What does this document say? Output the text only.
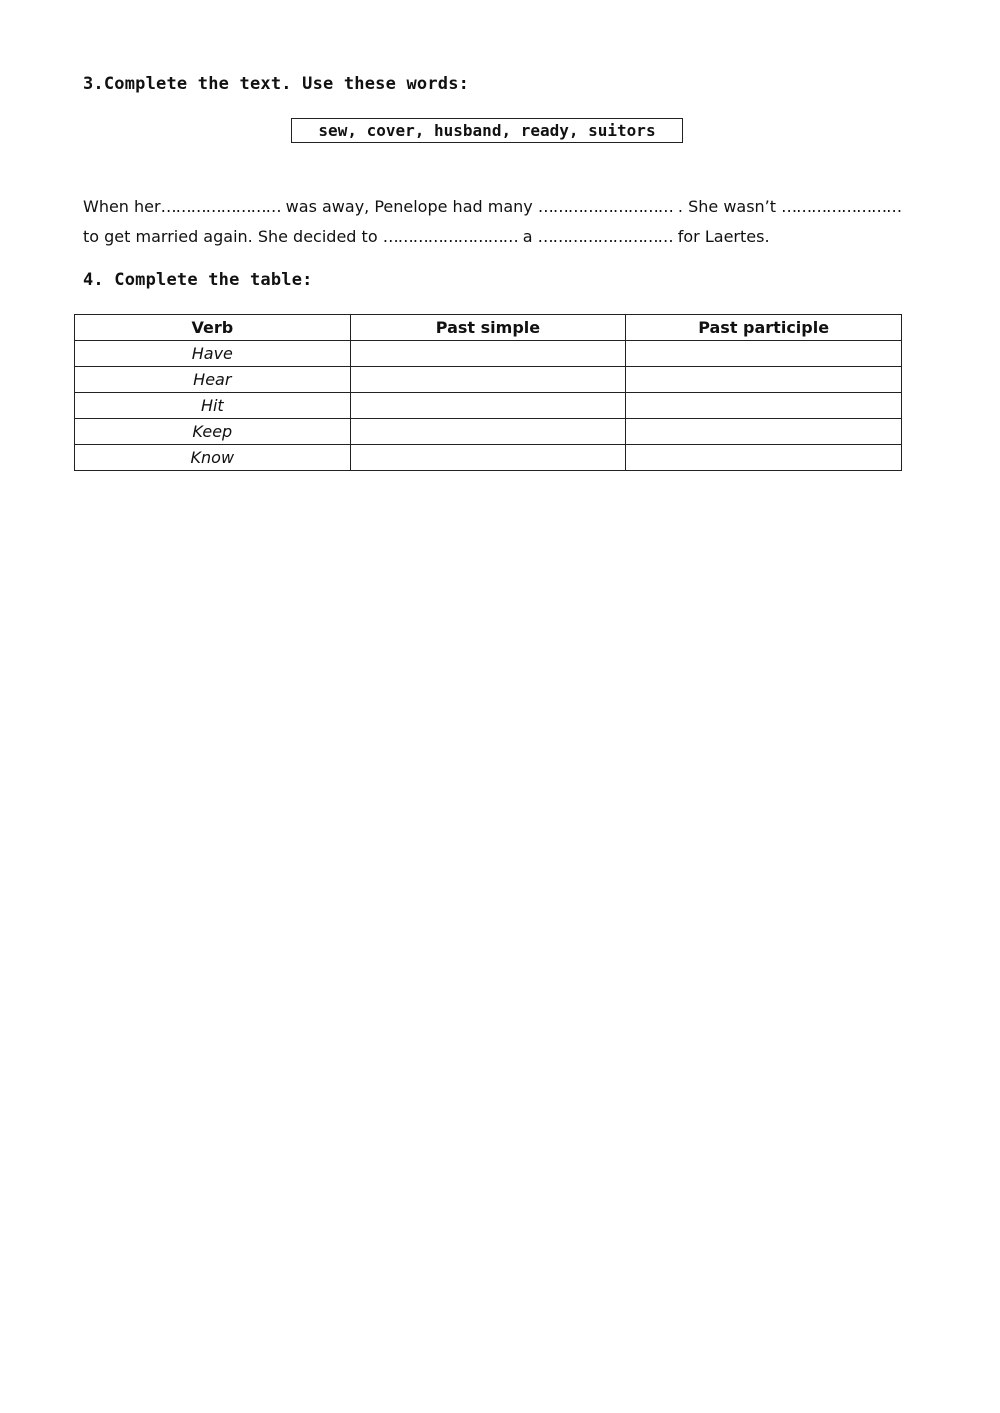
3.Complete the text. Use these words:
sew, cover, husband, ready, suitors

When her…………………… was away, Penelope had many ……………………… . She wasn’t …………………… to get married again. She decided to ……………………… a ……………………… for Laertes.

4. Complete the table:
Verb	Past simple	Past participle
Have		
Hear		
Hit		
Keep		
Know		
